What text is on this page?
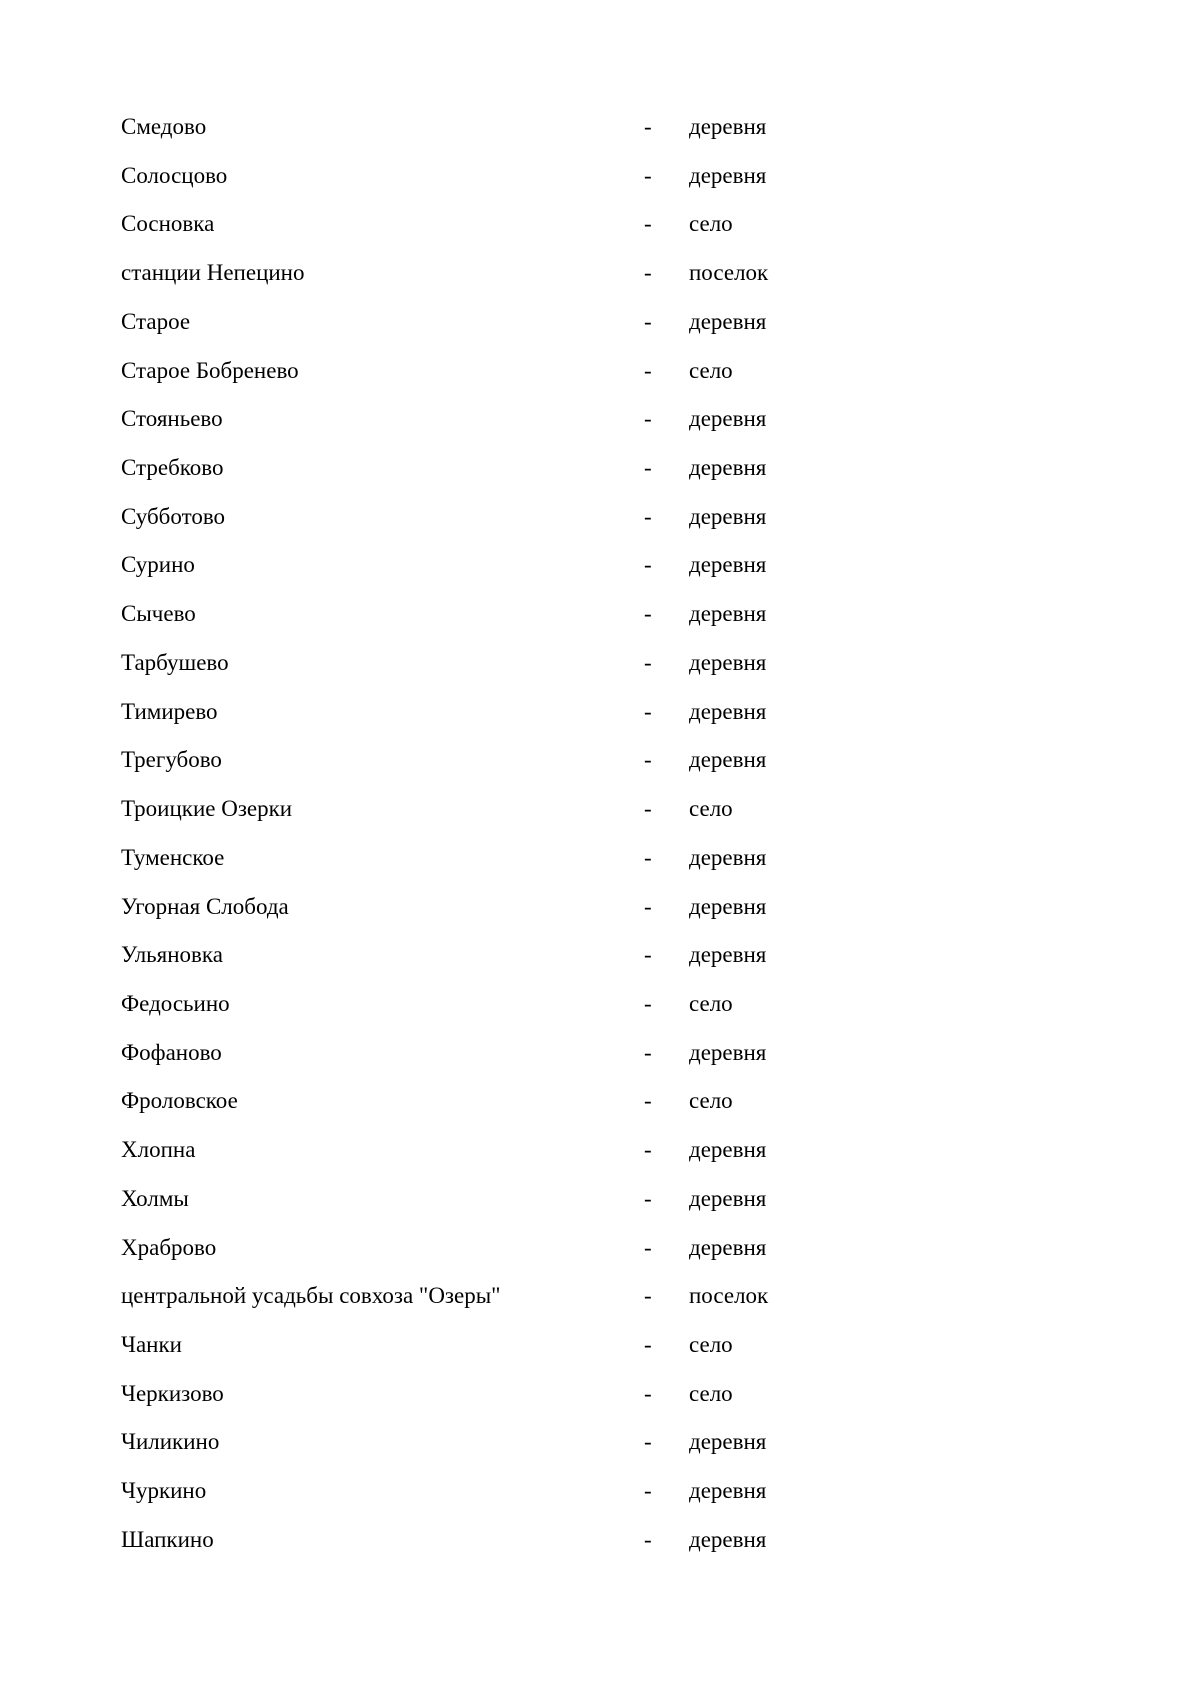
Смедово	- деревня
Солосцово	- деревня
Сосновка	- село
станции Непецино	- поселок
Старое	- деревня
Старое Бобренево	- село
Стояньево	- деревня
Стребково	- деревня
Субботово	- деревня
Сурино	- деревня
Сычево	- деревня
Тарбушево	- деревня
Тимирево	- деревня
Трегубово	- деревня
Троицкие Озерки	- село
Туменское	- деревня
Угорная Слобода	- деревня
Ульяновка	- деревня
Федосьино	- село
Фофаново	- деревня
Фроловское	- село
Хлопна	- деревня
Холмы	- деревня
Храброво	- деревня
центральной усадьбы совхоза "Озеры"	- поселок
Чанки	- село
Черкизово	- село
Чиликино	- деревня
Чуркино	- деревня
Шапкино	- деревня
